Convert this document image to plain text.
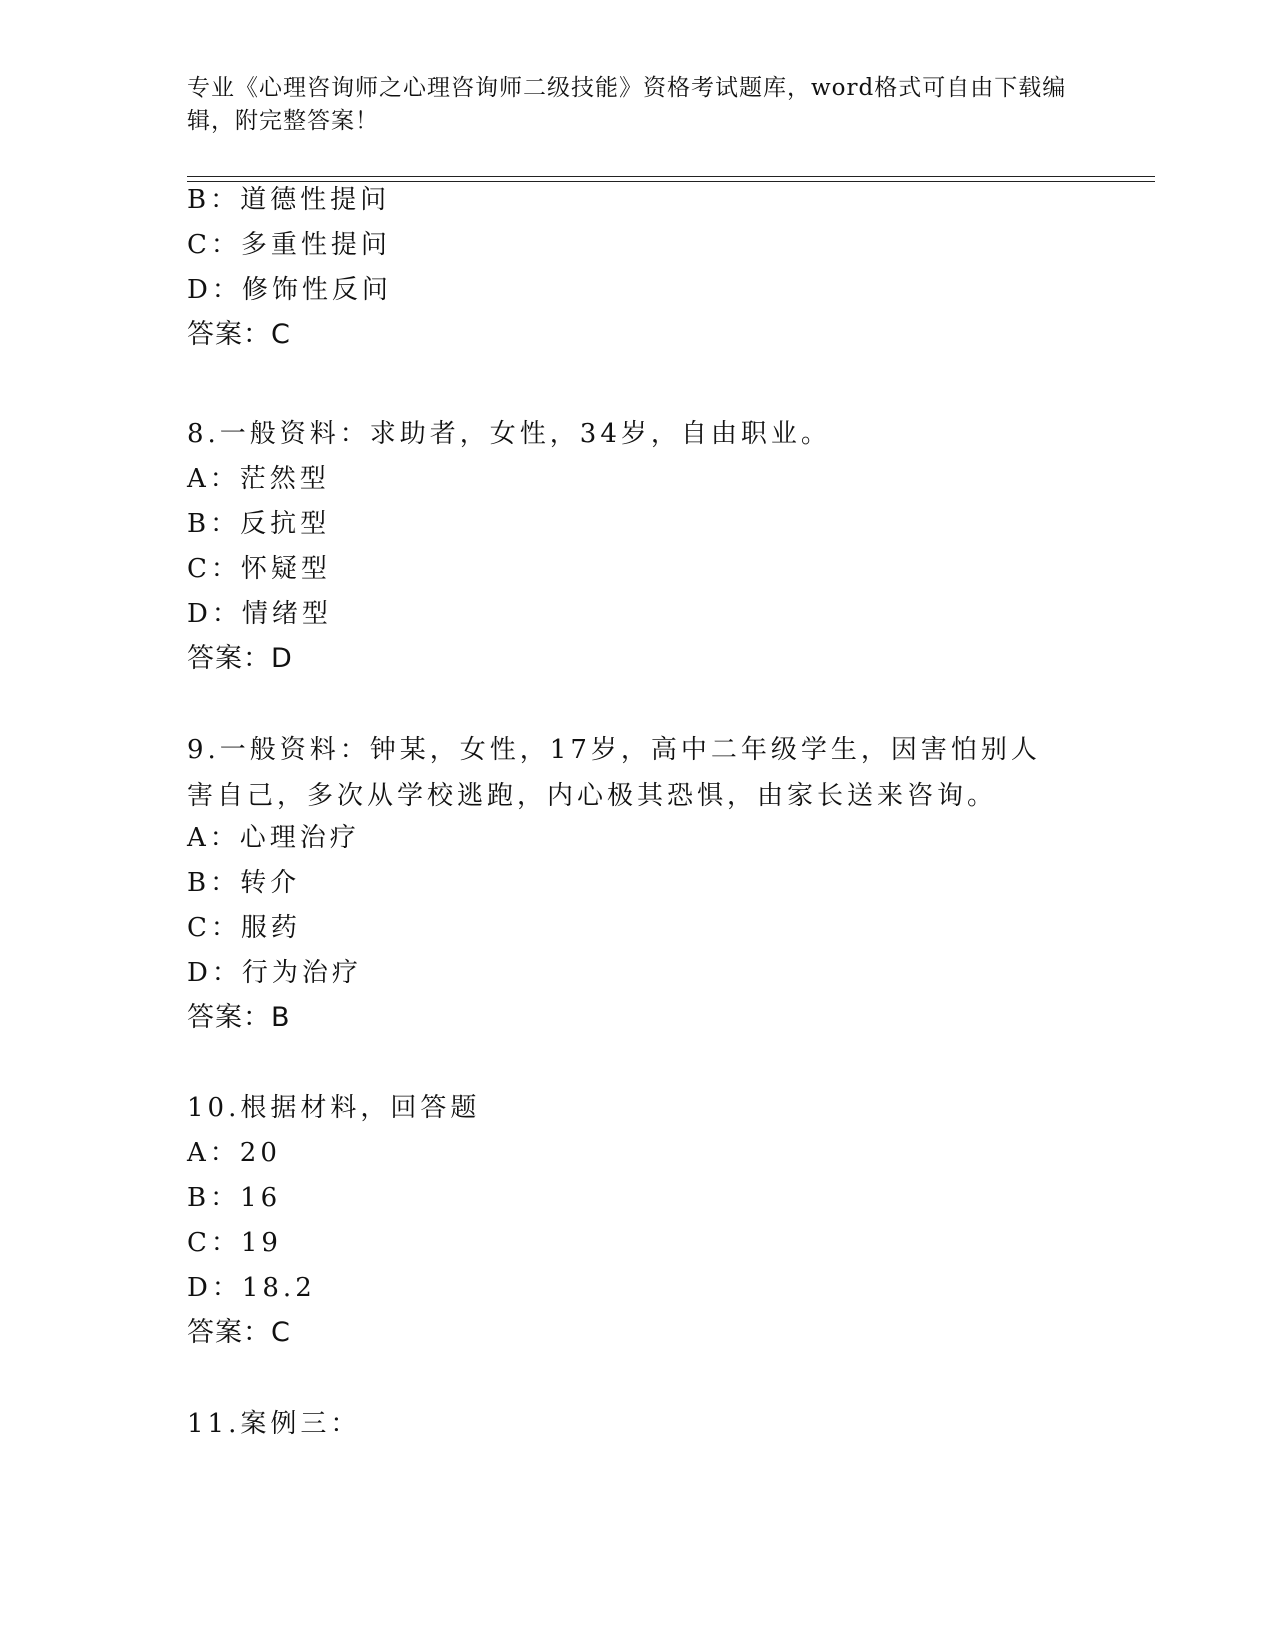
专业《心理咨询师之心理咨询师二级技能》资格考试题库，word格式可自由下载编辑，附完整答案！
B：道德性提问
C：多重性提问
D：修饰性反问
答案：C
8.一般资料：求助者，女性，34岁，自由职业。
A：茫然型
B：反抗型
C：怀疑型
D：情绪型
答案：D
9.一般资料：钟某，女性，17岁，高中二年级学生，因害怕别人害自己，多次从学校逃跑，内心极其恐惧，由家长送来咨询。
A：心理治疗
B：转介
C：服药
D：行为治疗
答案：B
10.根据材料，回答题
A：20
B：16
C：19
D：18.2
答案：C
11.案例三：
